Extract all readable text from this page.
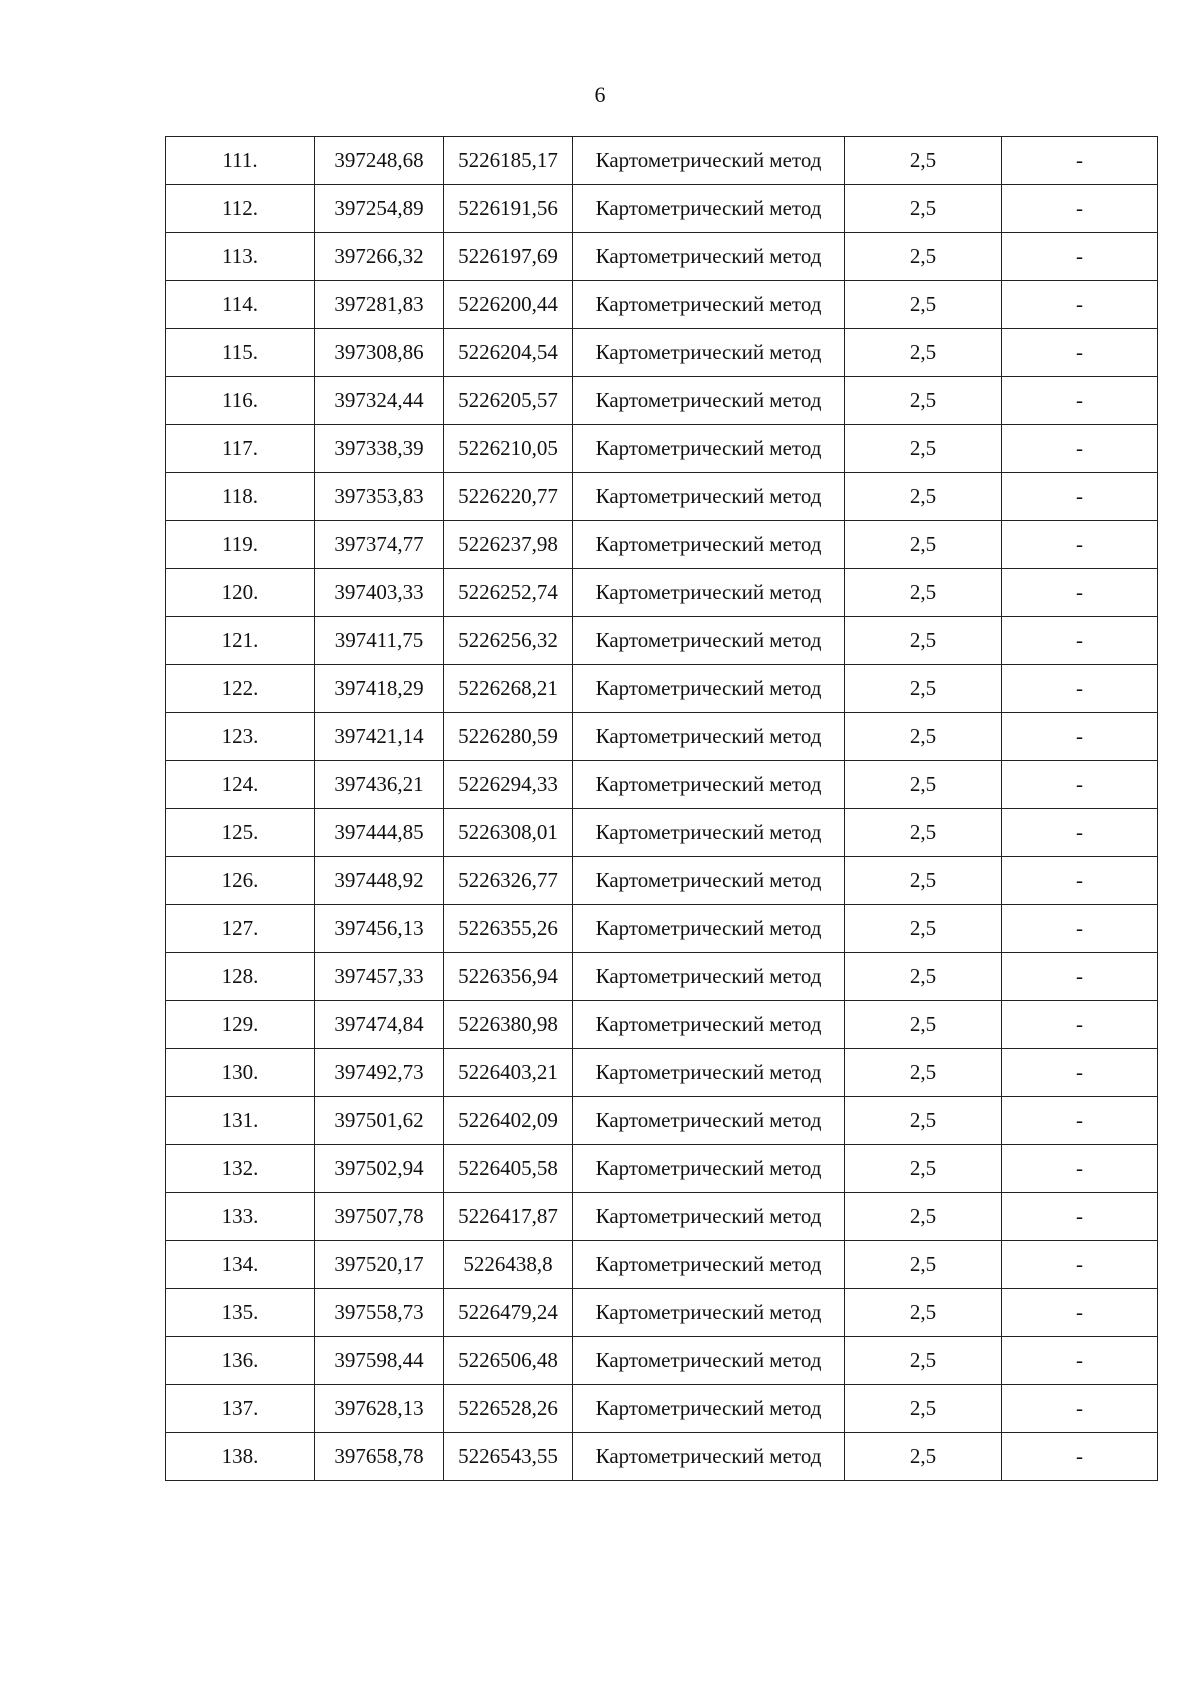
6
111.	397248,68	5226185,17	Картометрический метод	2,5	-
112.	397254,89	5226191,56	Картометрический метод	2,5	-
113.	397266,32	5226197,69	Картометрический метод	2,5	-
114.	397281,83	5226200,44	Картометрический метод	2,5	-
115.	397308,86	5226204,54	Картометрический метод	2,5	-
116.	397324,44	5226205,57	Картометрический метод	2,5	-
117.	397338,39	5226210,05	Картометрический метод	2,5	-
118.	397353,83	5226220,77	Картометрический метод	2,5	-
119.	397374,77	5226237,98	Картометрический метод	2,5	-
120.	397403,33	5226252,74	Картометрический метод	2,5	-
121.	397411,75	5226256,32	Картометрический метод	2,5	-
122.	397418,29	5226268,21	Картометрический метод	2,5	-
123.	397421,14	5226280,59	Картометрический метод	2,5	-
124.	397436,21	5226294,33	Картометрический метод	2,5	-
125.	397444,85	5226308,01	Картометрический метод	2,5	-
126.	397448,92	5226326,77	Картометрический метод	2,5	-
127.	397456,13	5226355,26	Картометрический метод	2,5	-
128.	397457,33	5226356,94	Картометрический метод	2,5	-
129.	397474,84	5226380,98	Картометрический метод	2,5	-
130.	397492,73	5226403,21	Картометрический метод	2,5	-
131.	397501,62	5226402,09	Картометрический метод	2,5	-
132.	397502,94	5226405,58	Картометрический метод	2,5	-
133.	397507,78	5226417,87	Картометрический метод	2,5	-
134.	397520,17	5226438,8	Картометрический метод	2,5	-
135.	397558,73	5226479,24	Картометрический метод	2,5	-
136.	397598,44	5226506,48	Картометрический метод	2,5	-
137.	397628,13	5226528,26	Картометрический метод	2,5	-
138.	397658,78	5226543,55	Картометрический метод	2,5	-
